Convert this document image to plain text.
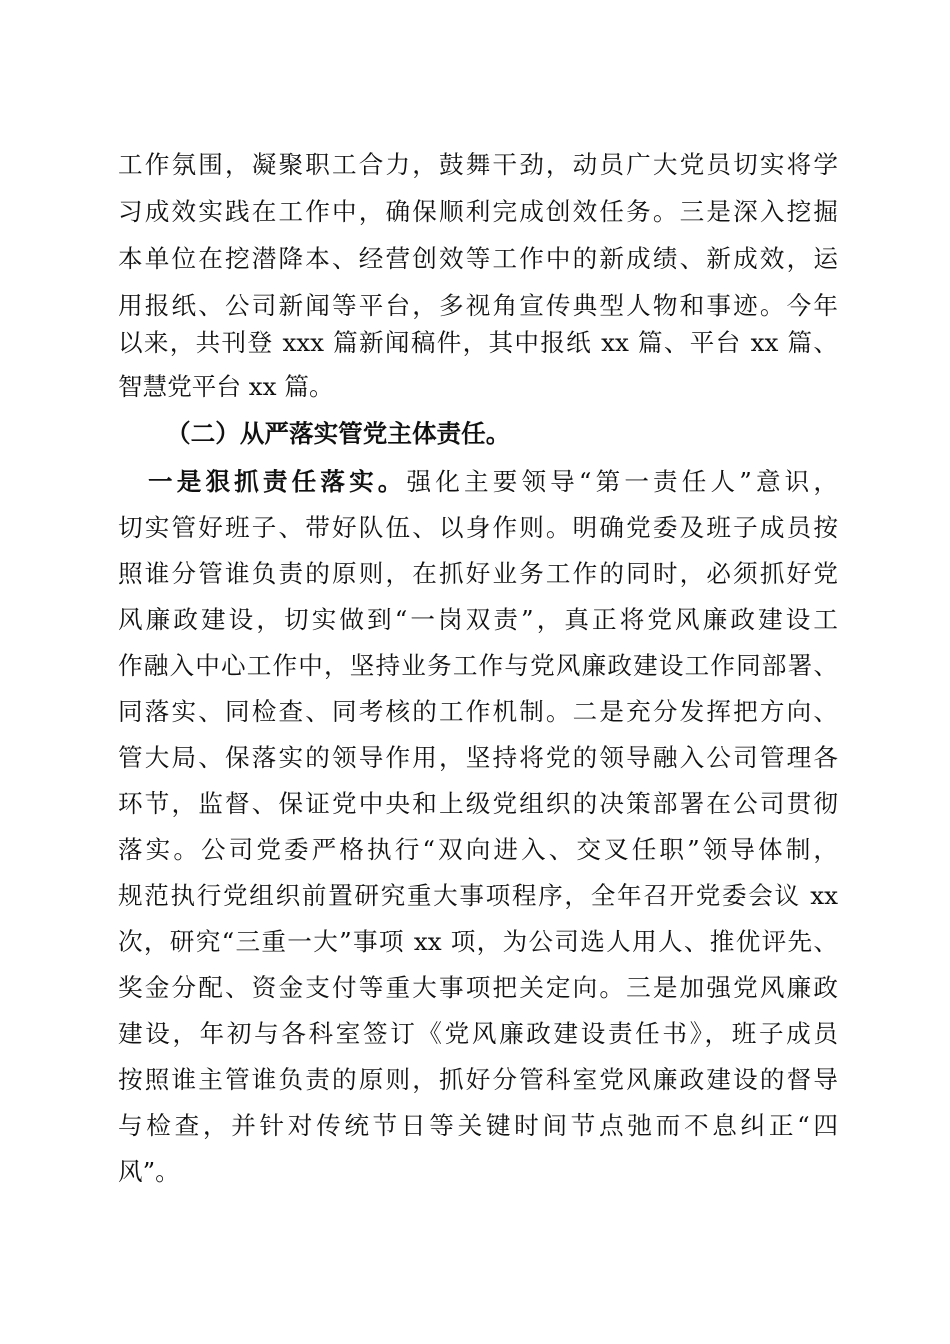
工作氛围，凝聚职工合力，鼓舞干劲，动员广大党员切实将学
习成效实践在工作中，确保顺利完成创效任务。三是深入挖掘
本单位在挖潜降本、经营创效等工作中的新成绩、新成效，运
用报纸、公司新闻等平台，多视角宣传典型人物和事迹。今年
以来，共刊登 xxx 篇新闻稿件，其中报纸 xx 篇、平台 xx 篇、
智慧党平台 xx 篇。
（二）从严落实管党主体责任。
一是狠抓责任落实。强化主要领导“第一责任人”意识，
切实管好班子、带好队伍、以身作则。明确党委及班子成员按
照谁分管谁负责的原则，在抓好业务工作的同时，必须抓好党
风廉政建设，切实做到“一岗双责”，真正将党风廉政建设工
作融入中心工作中，坚持业务工作与党风廉政建设工作同部署、
同落实、同检查、同考核的工作机制。二是充分发挥把方向、
管大局、保落实的领导作用，坚持将党的领导融入公司管理各
环节，监督、保证党中央和上级党组织的决策部署在公司贯彻
落实。公司党委严格执行“双向进入、交叉任职”领导体制，
规范执行党组织前置研究重大事项程序，全年召开党委会议 xx
次，研究“三重一大”事项 xx 项，为公司选人用人、推优评先、
奖金分配、资金支付等重大事项把关定向。三是加强党风廉政
建设，年初与各科室签订《党风廉政建设责任书》，班子成员
按照谁主管谁负责的原则，抓好分管科室党风廉政建设的督导
与检查，并针对传统节日等关键时间节点弛而不息纠正“四
风”。
